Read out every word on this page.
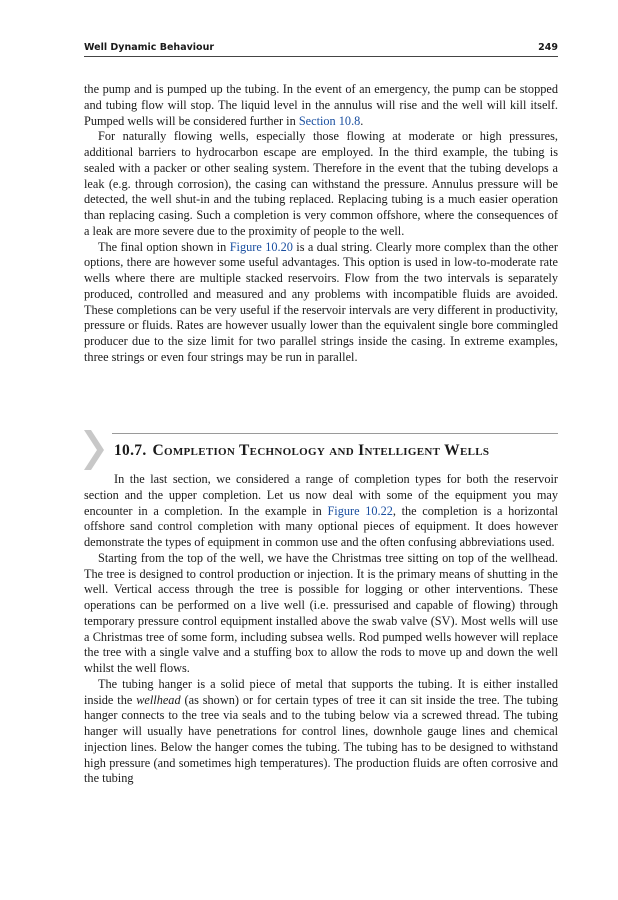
Well Dynamic Behaviour	249

the pump and is pumped up the tubing. In the event of an emergency, the pump can be stopped and tubing flow will stop. The liquid level in the annulus will rise and the well will kill itself. Pumped wells will be considered further in Section 10.8.

For naturally flowing wells, especially those flowing at moderate or high pressures, additional barriers to hydrocarbon escape are employed. In the third example, the tubing is sealed with a packer or other sealing system. Therefore in the event that the tubing develops a leak (e.g. through corrosion), the casing can withstand the pressure. Annulus pressure will be detected, the well shut-in and the tubing replaced. Replacing tubing is a much easier operation than replacing casing. Such a completion is very common offshore, where the consequences of a leak are more severe due to the proximity of people to the well.

The final option shown in Figure 10.20 is a dual string. Clearly more complex than the other options, there are however some useful advantages. This option is used in low-to-moderate rate wells where there are multiple stacked reservoirs. Flow from the two intervals is separately produced, controlled and measured and any problems with incompatible fluids are avoided. These completions can be very useful if the reservoir intervals are very different in productivity, pressure or fluids. Rates are however usually lower than the equivalent single bore commingled producer due to the size limit for two parallel strings inside the casing. In extreme examples, three strings or even four strings may be run in parallel.

10.7. Completion Technology and Intelligent Wells

In the last section, we considered a range of completion types for both the reservoir section and the upper completion. Let us now deal with some of the equipment you may encounter in a completion. In the example in Figure 10.22, the completion is a horizontal offshore sand control completion with many optional pieces of equipment. It does however demonstrate the types of equipment in common use and the often confusing abbreviations used.

Starting from the top of the well, we have the Christmas tree sitting on top of the wellhead. The tree is designed to control production or injection. It is the primary means of shutting in the well. Vertical access through the tree is possible for logging or other interventions. These operations can be performed on a live well (i.e. pressurised and capable of flowing) through temporary pressure control equipment installed above the swab valve (SV). Most wells will use a Christmas tree of some form, including subsea wells. Rod pumped wells however will replace the tree with a single valve and a stuffing box to allow the rods to move up and down the well whilst the well flows.

The tubing hanger is a solid piece of metal that supports the tubing. It is either installed inside the wellhead (as shown) or for certain types of tree it can sit inside the tree. The tubing hanger connects to the tree via seals and to the tubing below via a screwed thread. The tubing hanger will usually have penetrations for control lines, downhole gauge lines and chemical injection lines. Below the hanger comes the tubing. The tubing has to be designed to withstand high pressure (and sometimes high temperatures). The production fluids are often corrosive and the tubing
